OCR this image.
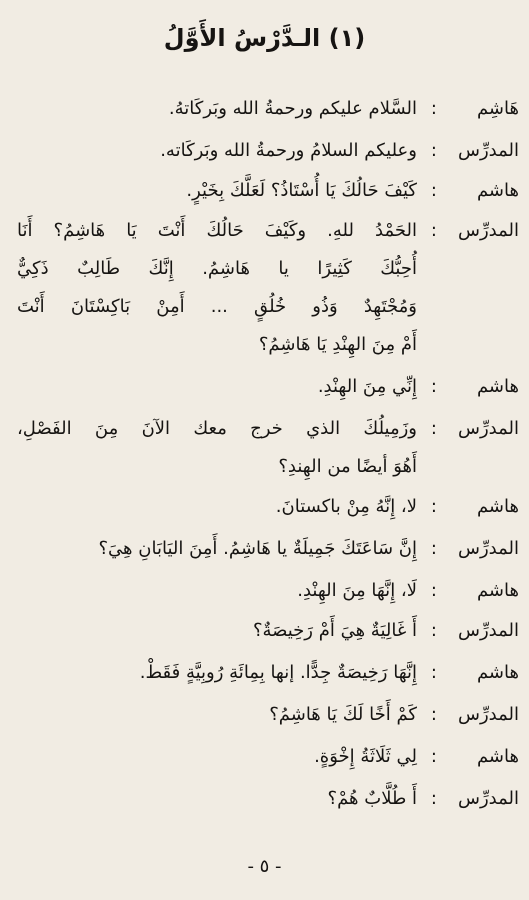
(١) الـدَّرْسُ الأَوَّلُ
هَاشِم
:
السَّلام عليكم ورحمةُ الله وبَركَاتهُ.
المدرِّس
:
وعليكم السلامُ ورحمةُ الله وبَركَاته.
هاشم
:
كَيْفَ حَالُكَ يَا أُسْتَاذُ؟ لَعَلَّكَ بِخَيْرٍ.
المدرِّس
:
الحَمْدُ للهِ. وكَيْفَ حَالُكَ أَنْتَ يَا هَاشِمُ؟ أَنَا
أُحِبُّكَ كَثِيرًا يا هَاشِمُ. إِنَّكَ طَالِبٌ ذَكِيٌّ
وَمُجْتَهِدٌ وَذُو خُلُقٍ ... أَمِنْ بَاكِسْتَانَ أَنْتَ
أَمْ مِنَ الهِنْدِ يَا هَاشِمُ؟
هاشم
:
إِنِّي مِنَ الهِنْدِ.
المدرِّس
:
وزَمِيلُكَ الذي خرج معك الآنَ مِنَ الفَصْلِ،
أَهُوَ أيضًا من الهِندِ؟
هاشم
:
لا، إِنَّهُ مِنْ باكستانَ.
المدرِّس
:
إِنَّ سَاعَتَكَ جَمِيلَةٌ يا هَاشِمُ. أَمِنَ اليَابَانِ هِيَ؟
هاشم
:
لَا، إِنَّهَا مِنَ الهِنْدِ.
المدرِّس
:
أَ غَالِيَةٌ هِيَ أَمْ رَخِيصَةٌ؟
هاشم
:
إِنَّهَا رَخِيصَةٌ جِدًّا. إنها بِمِائَةِ رُوبِيَّةٍ فَقَطْ.
المدرِّس
:
كَمْ أَخًا لَكَ يَا هَاشِمُ؟
هاشم
:
لِي ثَلَاثَةُ إِخْوَةٍ.
المدرِّس
:
أَ طُلَّابٌ هُمْ؟
- ٥ -
